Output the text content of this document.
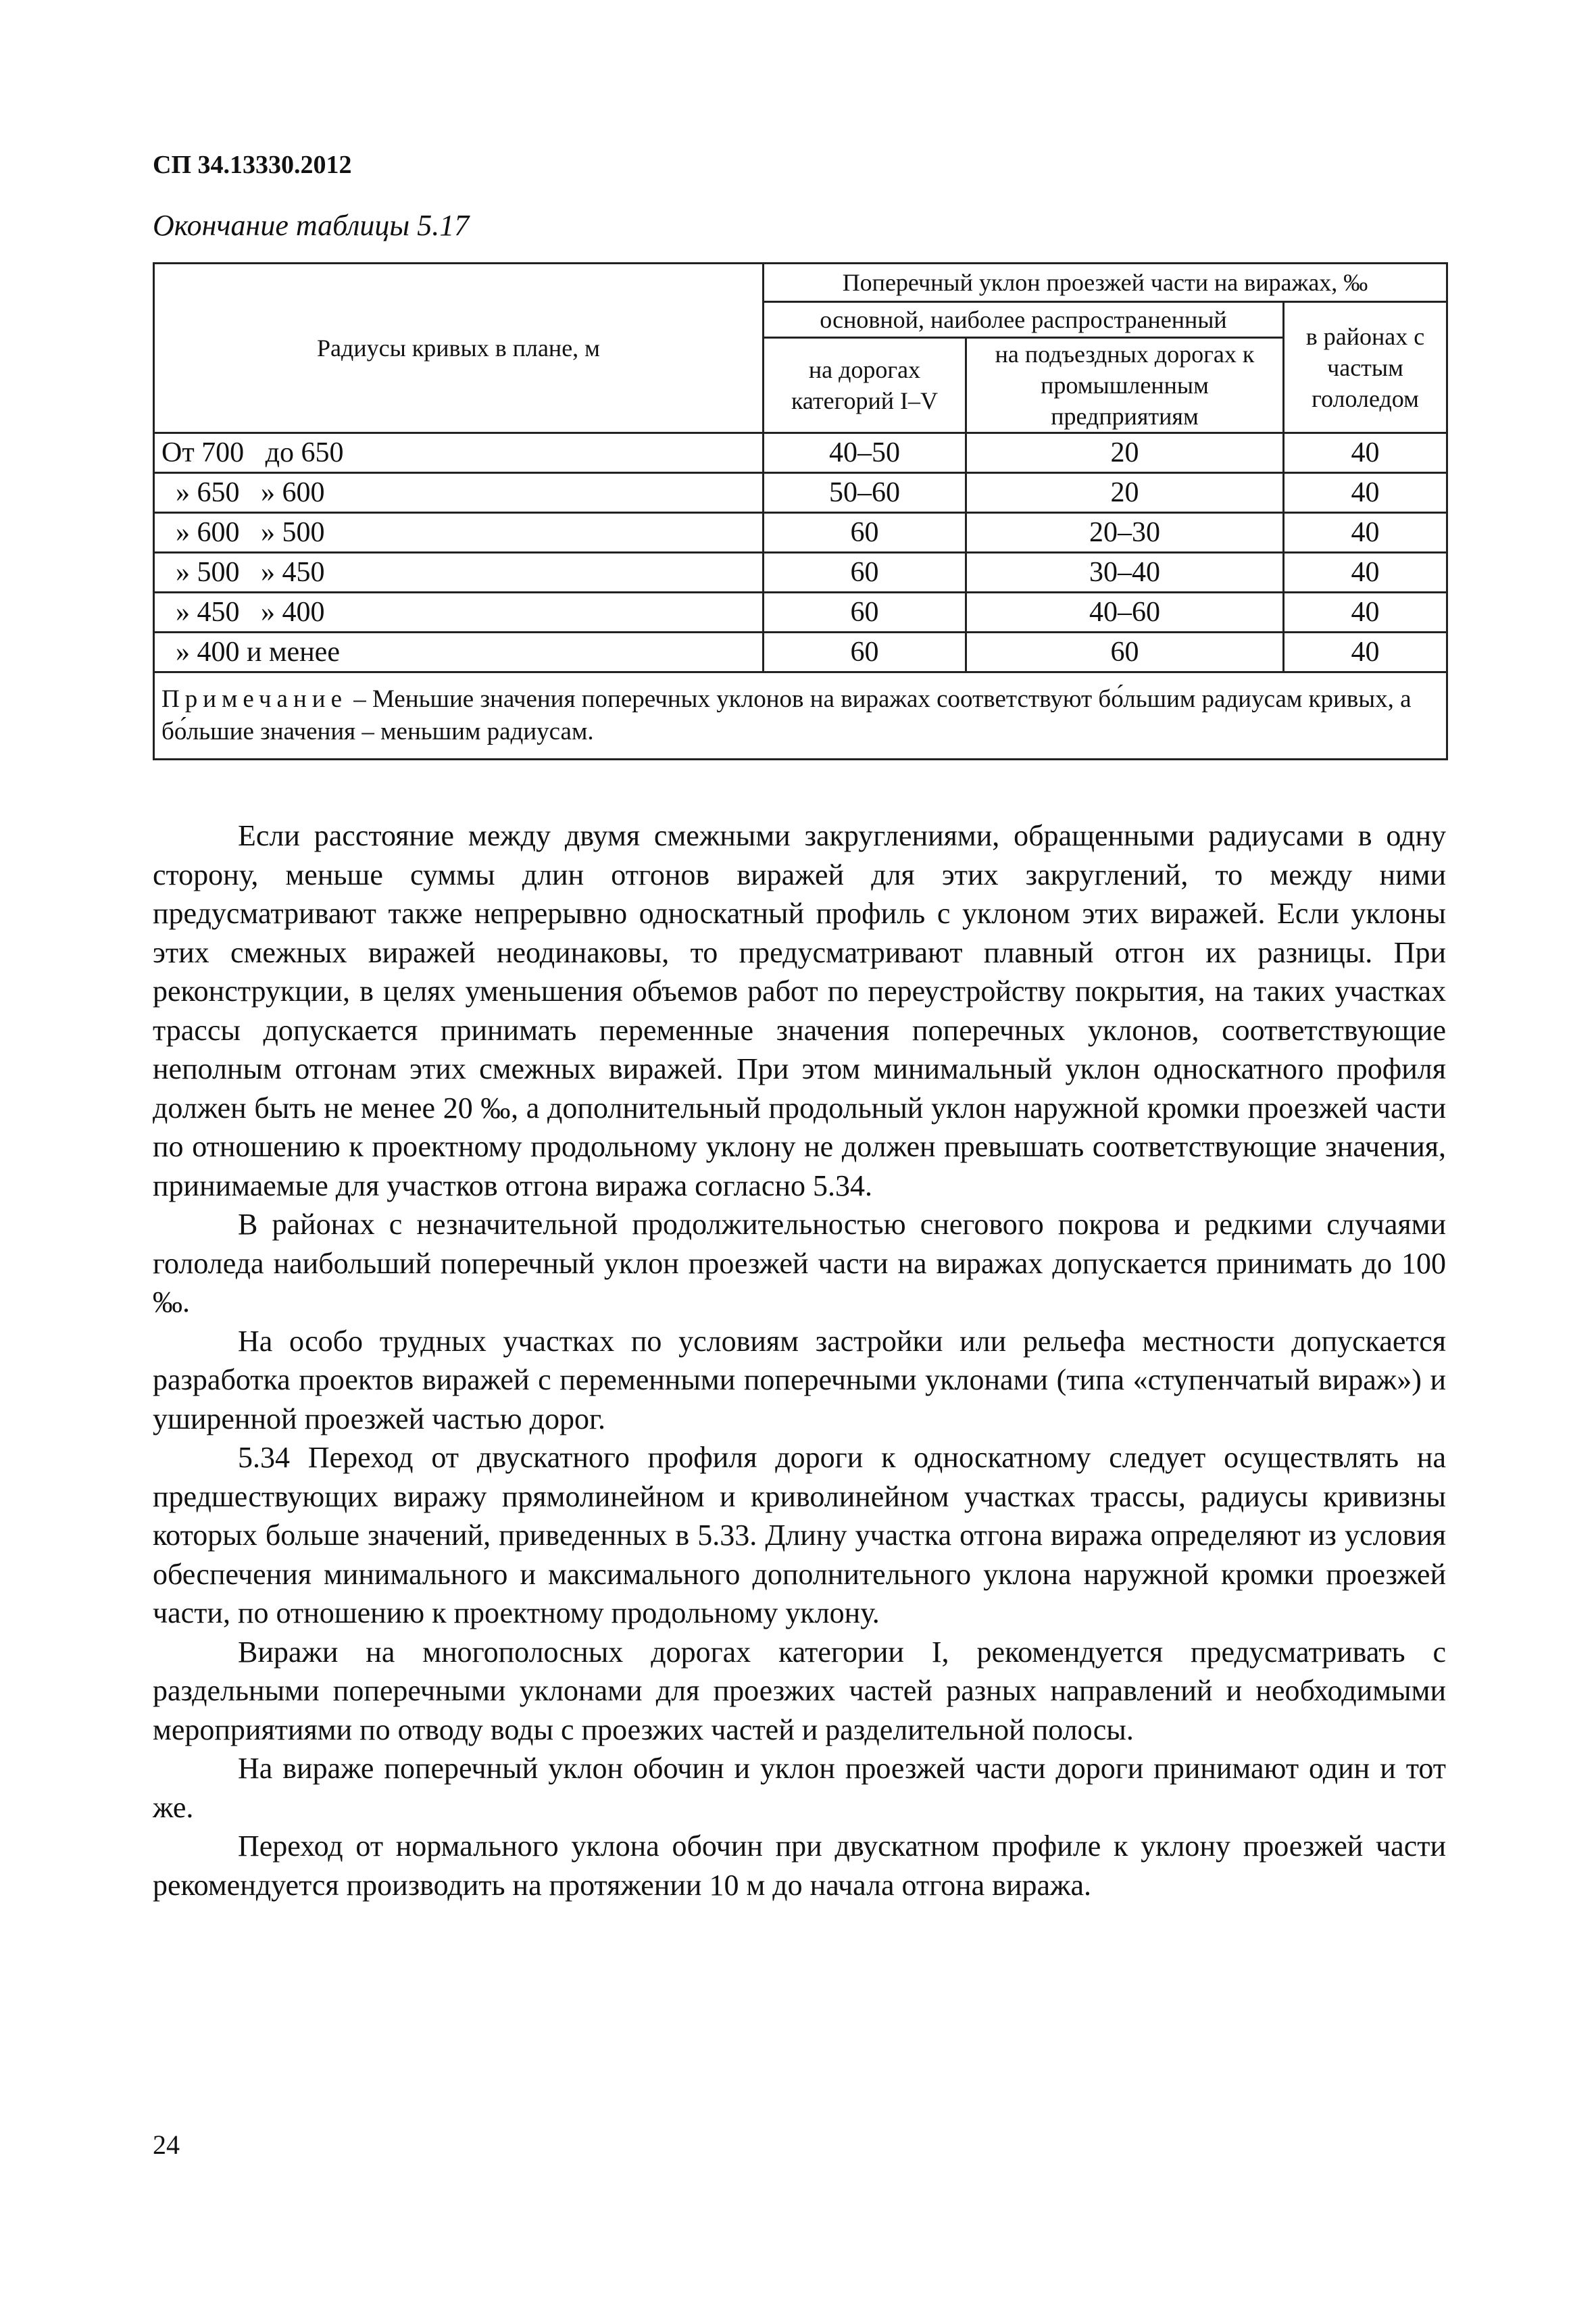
СП 34.13330.2012

Окончание таблицы 5.17

Радиусы кривых в плане, м	Поперечный уклон проезжей части на виражах, ‰		
	основной, наиболее распространенный		в районах с частым гололедом
	на дорогах категорий I–V	на подъездных дорогах к промышленным предприятиям	
От 700   до 650	40–50	20	40
» 650   » 600	50–60	20	40
» 600   » 500	60	20–30	40
» 500   » 450	60	30–40	40
» 450   » 400	60	40–60	40
» 400 и менее	60	60	40
Примечание – Меньшие значения поперечных уклонов на виражах соответствуют бо́льшим радиусам кривых, а бо́льшие значения – меньшим радиусам.			

Если расстояние между двумя смежными закруглениями, обращенными радиусами в одну сторону, меньше суммы длин отгонов виражей для этих закруглений, то между ними предусматривают также непрерывно односкатный профиль с уклоном этих виражей. Если уклоны этих смежных виражей неодинаковы, то предусматривают плавный отгон их разницы. При реконструкции, в целях уменьшения объемов работ по переустройству покрытия, на таких участках трассы допускается принимать переменные значения поперечных уклонов, соответствующие неполным отгонам этих смежных виражей. При этом минимальный уклон односкатного профиля должен быть не менее 20 ‰, а дополнительный продольный уклон наружной кромки проезжей части по отношению к проектному продольному уклону не должен превышать соответствующие значения, принимаемые для участков отгона виража согласно 5.34.

В районах с незначительной продолжительностью снегового покрова и редкими случаями гололеда наибольший поперечный уклон проезжей части на виражах допускается принимать до 100 ‰.

На особо трудных участках по условиям застройки или рельефа местности допускается разработка проектов виражей с переменными поперечными уклонами (типа «ступенчатый вираж») и уширенной проезжей частью дорог.

5.34 Переход от двускатного профиля дороги к односкатному следует осуществлять на предшествующих виражу прямолинейном и криволинейном участках трассы, радиусы кривизны которых больше значений, приведенных в 5.33. Длину участка отгона виража определяют из условия обеспечения минимального и максимального дополнительного уклона наружной кромки проезжей части, по отношению к проектному продольному уклону.

Виражи на многополосных дорогах категории I, рекомендуется предусматривать с раздельными поперечными уклонами для проезжих частей разных направлений и необходимыми мероприятиями по отводу воды с проезжих частей и разделительной полосы.

На вираже поперечный уклон обочин и уклон проезжей части дороги принимают один и тот же.

Переход от нормального уклона обочин при двускатном профиле к уклону проезжей части рекомендуется производить на протяжении 10 м до начала отгона виража.

24
